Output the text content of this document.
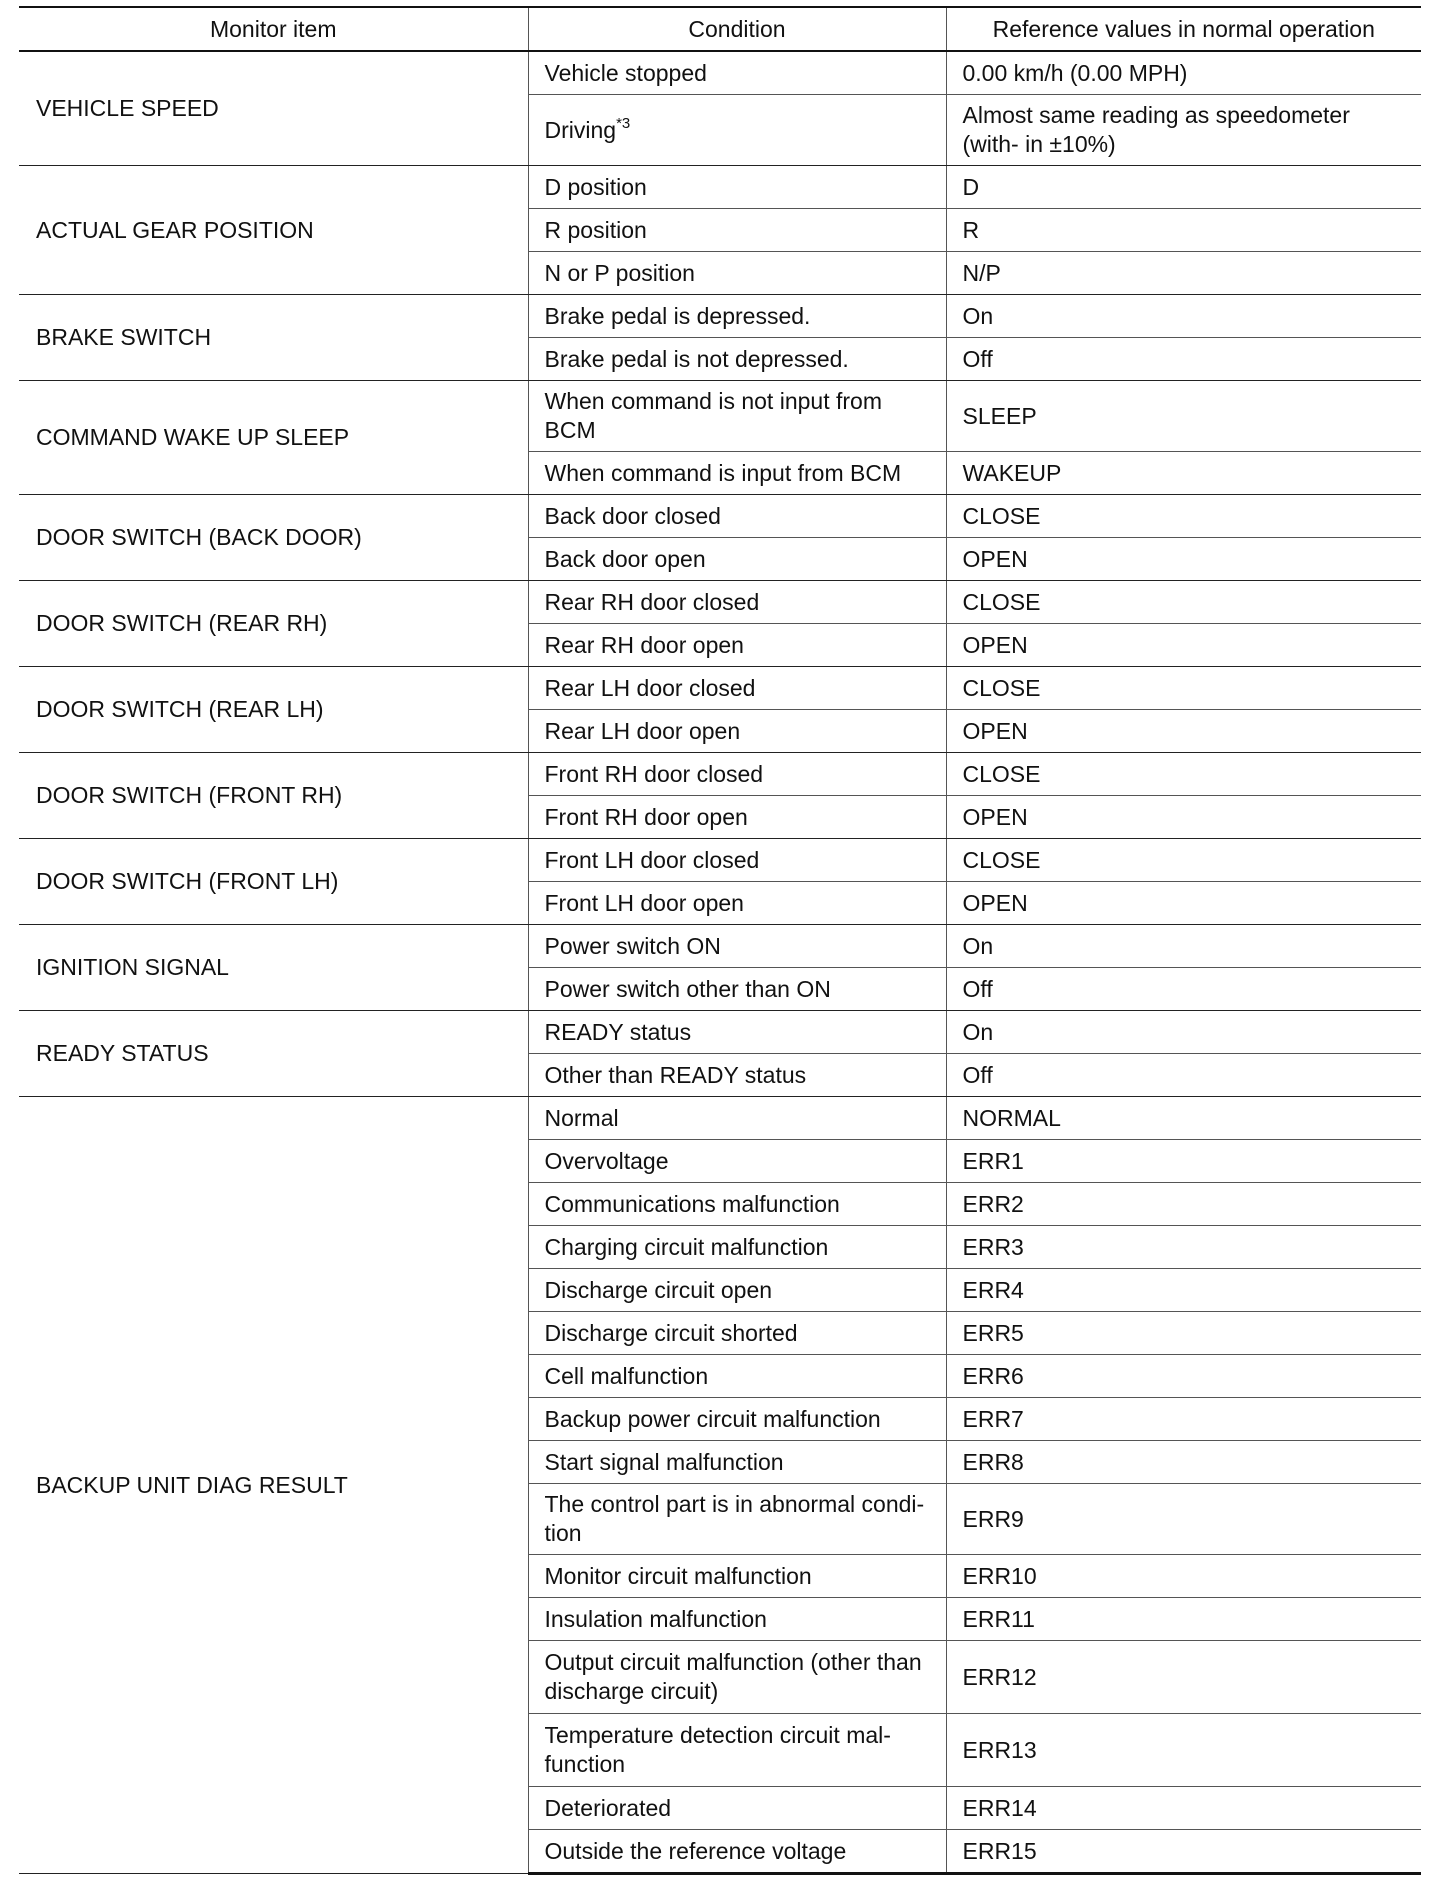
Monitor item	Condition	Reference values in normal operation
VEHICLE SPEED	Vehicle stopped	0.00 km/h (0.00 MPH)
	Driving$^{*3}$	Almost same reading as speedometer (with- in ±10%)
ACTUAL GEAR POSITION	D position	D
	R position	R
	N or P position	N/P
BRAKE SWITCH	Brake pedal is depressed.	On
	Brake pedal is not depressed.	Off
COMMAND WAKE UP SLEEP	When command is not input from BCM	SLEEP
	When command is input from BCM	WAKEUP
DOOR SWITCH (BACK DOOR)	Back door closed	CLOSE
	Back door open	OPEN
DOOR SWITCH (REAR RH)	Rear RH door closed	CLOSE
	Rear RH door open	OPEN
DOOR SWITCH (REAR LH)	Rear LH door closed	CLOSE
	Rear LH door open	OPEN
DOOR SWITCH (FRONT RH)	Front RH door closed	CLOSE
	Front RH door open	OPEN
DOOR SWITCH (FRONT LH)	Front LH door closed	CLOSE
	Front LH door open	OPEN
IGNITION SIGNAL	Power switch ON	On
	Power switch other than ON	Off
READY STATUS	READY status	On
	Other than READY status	Off
BACKUP UNIT DIAG RESULT	Normal	NORMAL
	Overvoltage	ERR1
	Communications malfunction	ERR2
	Charging circuit malfunction	ERR3
	Discharge circuit open	ERR4
	Discharge circuit shorted	ERR5
	Cell malfunction	ERR6
	Backup power circuit malfunction	ERR7
	Start signal malfunction	ERR8
	The control part is in abnormal condi- tion	ERR9
	Monitor circuit malfunction	ERR10
	Insulation malfunction	ERR11
	Output circuit malfunction (other than discharge circuit)	ERR12
	Temperature detection circuit mal- function	ERR13
	Deteriorated	ERR14
	Outside the reference voltage	ERR15
